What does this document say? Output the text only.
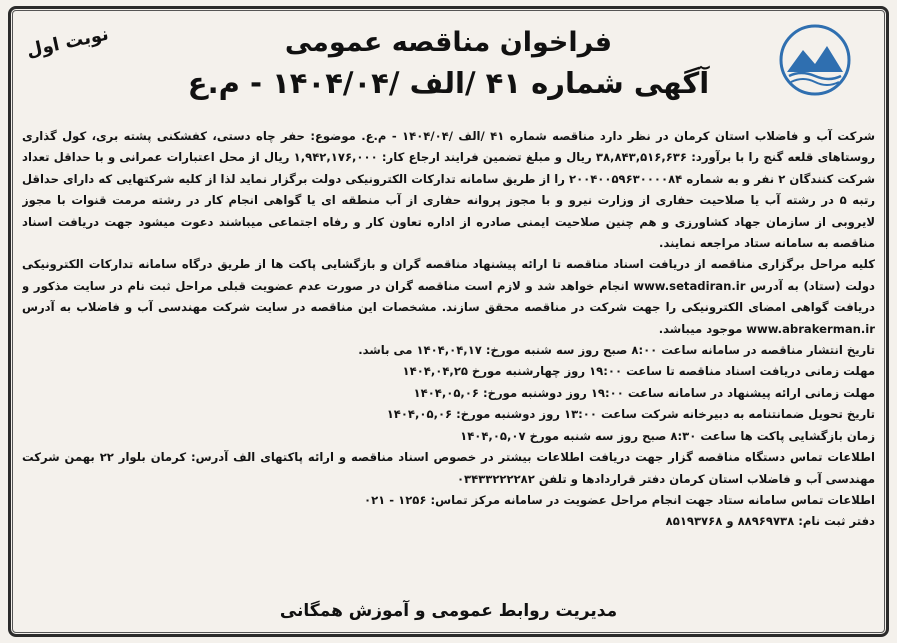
نوبت اول	فراخوان مناقصه عمومی
آگهی شماره ۴۱ /الف /۱۴۰۴/۰۴ - م.ع

شرکت آب و فاضلاب استان کرمان در نظر دارد مناقصه شماره ۴۱ /الف /۱۴۰۴/۰۴ - م.ع. موضوع: حفر چاه دستی، کفشکنی پشته بری، کول گذاری روستاهای قلعه گنج را با برآورد: ۳۸,۸۴۳,۵۱۶,۶۳۶ ریال و مبلغ تضمین فرایند ارجاع کار: ۱,۹۴۲,۱۷۶,۰۰۰ ریال از محل اعتبارات عمرانی و با حداقل تعداد شرکت کنندگان ۲ نفر و به شماره ۲۰۰۴۰۰۵۹۶۳۰۰۰۰۸۴ را از طریق سامانه تدارکات الکترونیکی دولت برگزار نماید لذا از کلیه شرکتهایی که دارای حداقل رتبه ۵ در رشته آب یا صلاحیت حفاری از وزارت نیرو و با مجوز پروانه حفاری از آب منطقه ای یا گواهی انجام کار در رشته مرمت قنوات با مجوز لایروبی از سازمان جهاد کشاورزی و هم چنین صلاحیت ایمنی صادره از اداره تعاون کار و رفاه اجتماعی میباشند دعوت میشود جهت دریافت اسناد مناقصه به سامانه ستاد مراجعه نمایند.

کلیه مراحل برگزاری مناقصه از دریافت اسناد مناقصه تا ارائه پیشنهاد مناقصه گران و بازگشایی پاکت ها از طریق درگاه سامانه تدارکات الکترونیکی دولت (ستاد) به آدرس www.setadiran.ir انجام خواهد شد و لازم است مناقصه گران در صورت عدم عضویت قبلی مراحل ثبت نام در سایت مذکور و دریافت گواهی امضای الکترونیکی را جهت شرکت در مناقصه محقق سازند. مشخصات این مناقصه در سایت شرکت مهندسی آب و فاضلاب به آدرس www.abrakerman.ir موجود میباشد.

تاریخ انتشار مناقصه در سامانه ساعت ۸:۰۰ صبح روز سه شنبه مورخ: ۱۴۰۴,۰۴,۱۷ می باشد.

مهلت زمانی دریافت اسناد مناقصه تا ساعت ۱۹:۰۰ روز چهارشنبه مورخ ۱۴۰۴,۰۴,۲۵

مهلت زمانی ارائه پیشنهاد در سامانه ساعت ۱۹:۰۰ روز دوشنبه مورخ: ۱۴۰۴,۰۵,۰۶

تاریخ تحویل ضمانتنامه به دبیرخانه شرکت ساعت ۱۳:۰۰ روز دوشنبه مورخ: ۱۴۰۴,۰۵,۰۶

زمان بازگشایی پاکت ها ساعت ۸:۳۰ صبح روز سه شنبه مورخ ۱۴۰۴,۰۵,۰۷

اطلاعات تماس دستگاه مناقصه گزار جهت دریافت اطلاعات بیشتر در خصوص اسناد مناقصه و ارائه پاکتهای الف آدرس: کرمان بلوار ۲۲ بهمن شرکت مهندسی آب و فاضلاب استان کرمان دفتر قراردادها و تلفن ۰۳۴۳۳۲۲۲۲۸۲

اطلاعات تماس سامانه ستاد جهت انجام مراحل عضویت در سامانه مرکز تماس: ۱۲۵۶ - ۰۲۱

دفتر ثبت نام: ۸۸۹۶۹۷۳۸ و ۸۵۱۹۳۷۶۸

مدیریت روابط عمومی و آموزش همگانی
